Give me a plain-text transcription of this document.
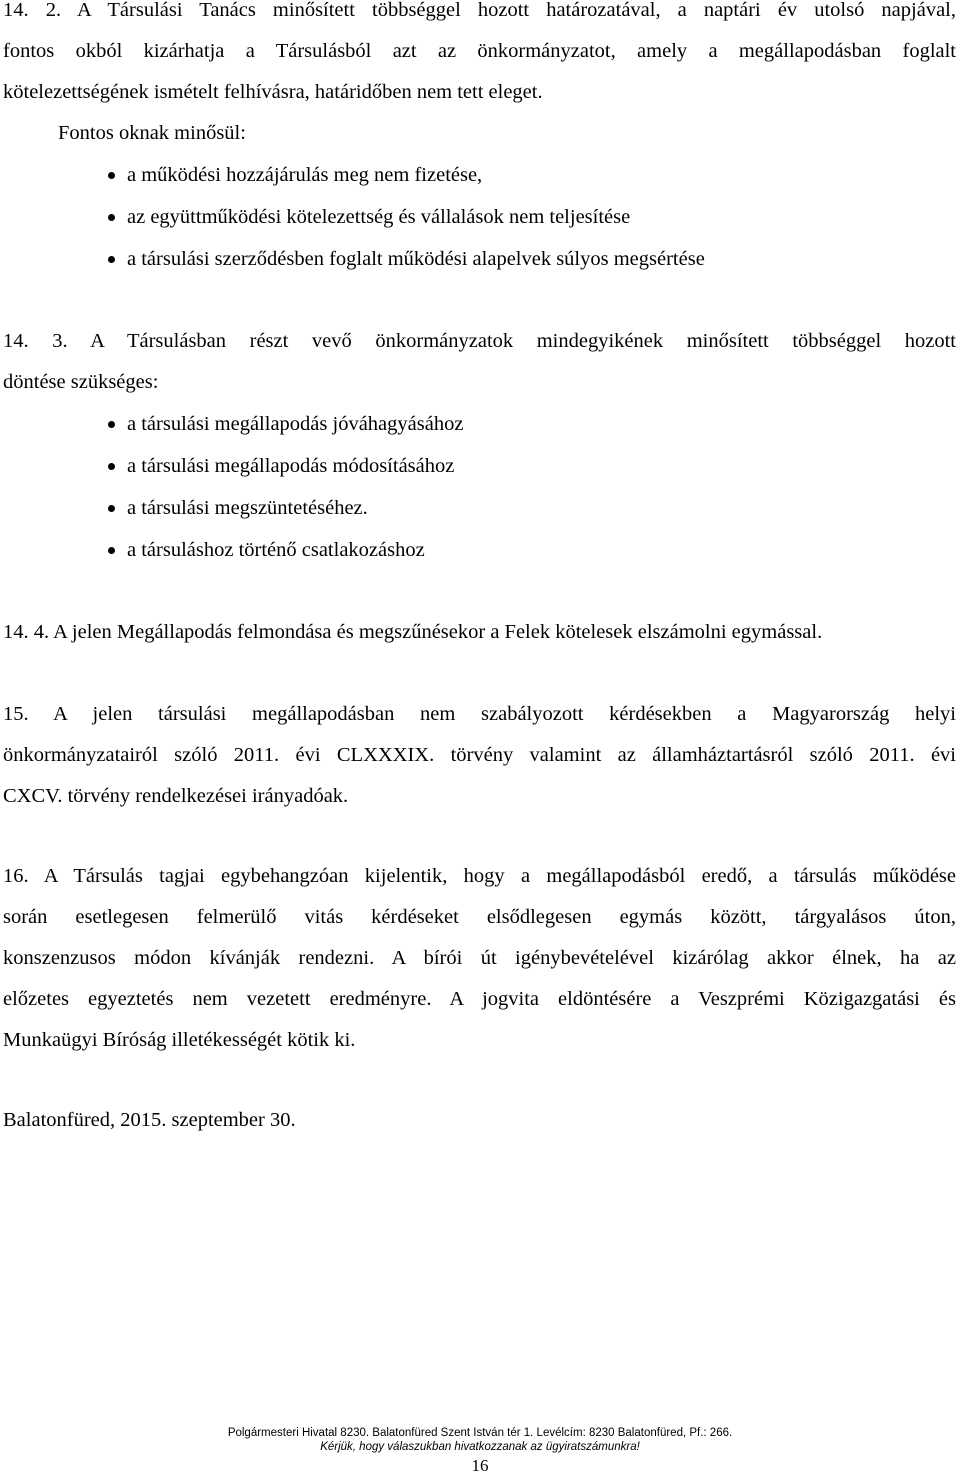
14. 2. A Társulási Tanács minősített többséggel hozott határozatával, a naptári év utolsó napjával,
fontos okból kizárhatja a Társulásból azt az önkormányzatot, amely a megállapodásban foglalt
kötelezettségének ismételt felhívásra, határidőben nem tett eleget.
Fontos oknak minősül:
a működési hozzájárulás meg nem fizetése,
az együttműködési kötelezettség és vállalások nem teljesítése
a társulási szerződésben foglalt működési alapelvek súlyos megsértése
14. 3. A Társulásban részt vevő önkormányzatok mindegyikének minősített többséggel hozott
döntése szükséges:
a társulási megállapodás jóváhagyásához
a társulási megállapodás módosításához
a társulási megszüntetéséhez.
a társuláshoz történő csatlakozáshoz
14. 4. A jelen Megállapodás felmondása és megszűnésekor a Felek kötelesek elszámolni egymással.
15. A jelen társulási megállapodásban nem szabályozott kérdésekben a Magyarország helyi
önkormányzatairól szóló 2011. évi CLXXXIX. törvény valamint az államháztartásról szóló 2011. évi
CXCV. törvény rendelkezései irányadóak.
16. A Társulás tagjai egybehangzóan kijelentik, hogy a megállapodásból eredő, a társulás működése
során esetlegesen felmerülő vitás kérdéseket elsődlegesen egymás között, tárgyalásos úton,
konszenzusos módon kívánják rendezni. A bírói út igénybevételével kizárólag akkor élnek, ha az
előzetes egyeztetés nem vezetett eredményre. A jogvita eldöntésére a Veszprémi Közigazgatási és
Munkaügyi Bíróság illetékességét kötik ki.
Balatonfüred, 2015. szeptember 30.
Polgármesteri Hivatal 8230. Balatonfüred Szent István tér 1. Levélcím: 8230 Balatonfüred, Pf.: 266.
Kérjük, hogy válaszukban hivatkozzanak az ügyiratszámunkra!
16
